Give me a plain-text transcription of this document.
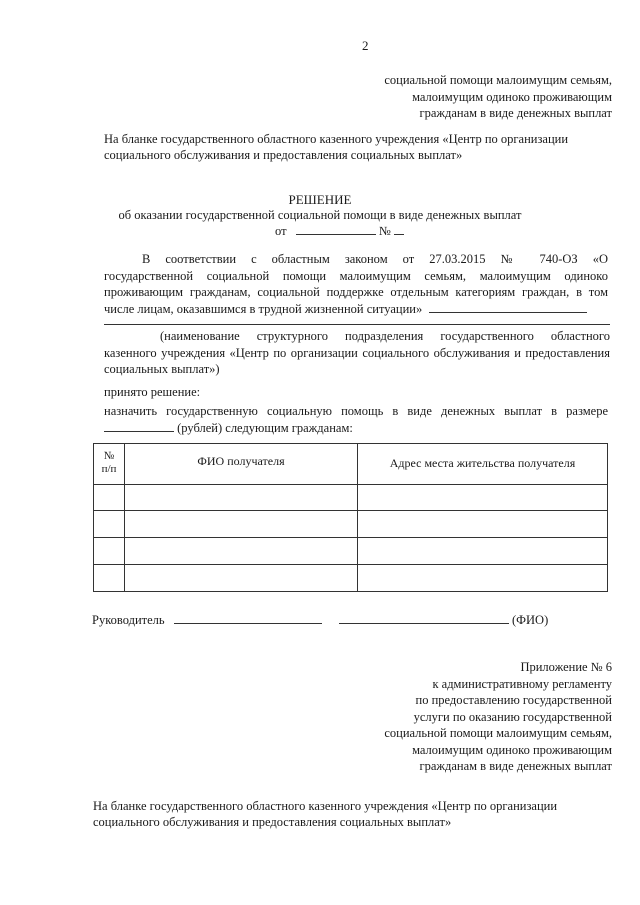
2
социальной помощи малоимущим семьям,
малоимущим одиноко проживающим
гражданам в виде денежных выплат
На бланке государственного областного казенного учреждения «Центр по организации
социального обслуживания и предоставления социальных выплат»
РЕШЕНИЕ
об оказании государственной социальной помощи в виде денежных выплат
от	№
В соответствии с областным законом от 27.03.2015 № 740-ОЗ «О
государственной социальной помощи малоимущим семьям, малоимущим одиноко
проживающим гражданам, социальной поддержке отдельным категориям граждан, в том
числе лицам, оказавшимся в трудной жизненной ситуации»
(наименование структурного подразделения государственного областного
казенного учреждения «Центр по организации социального обслуживания и предоставления
социальных выплат»)
принято решение:
назначить государственную социальную помощь в виде денежных выплат в размере
(рублей) следующим гражданам:
№
п/п	ФИО получателя	Адрес места жительства получателя

Руководитель	(ФИО)
Приложение № 6
к административному регламенту
по предоставлению государственной
услуги по оказанию государственной
социальной помощи малоимущим семьям,
малоимущим одиноко проживающим
гражданам в виде денежных выплат
На бланке государственного областного казенного учреждения «Центр по организации
социального обслуживания и предоставления социальных выплат»
